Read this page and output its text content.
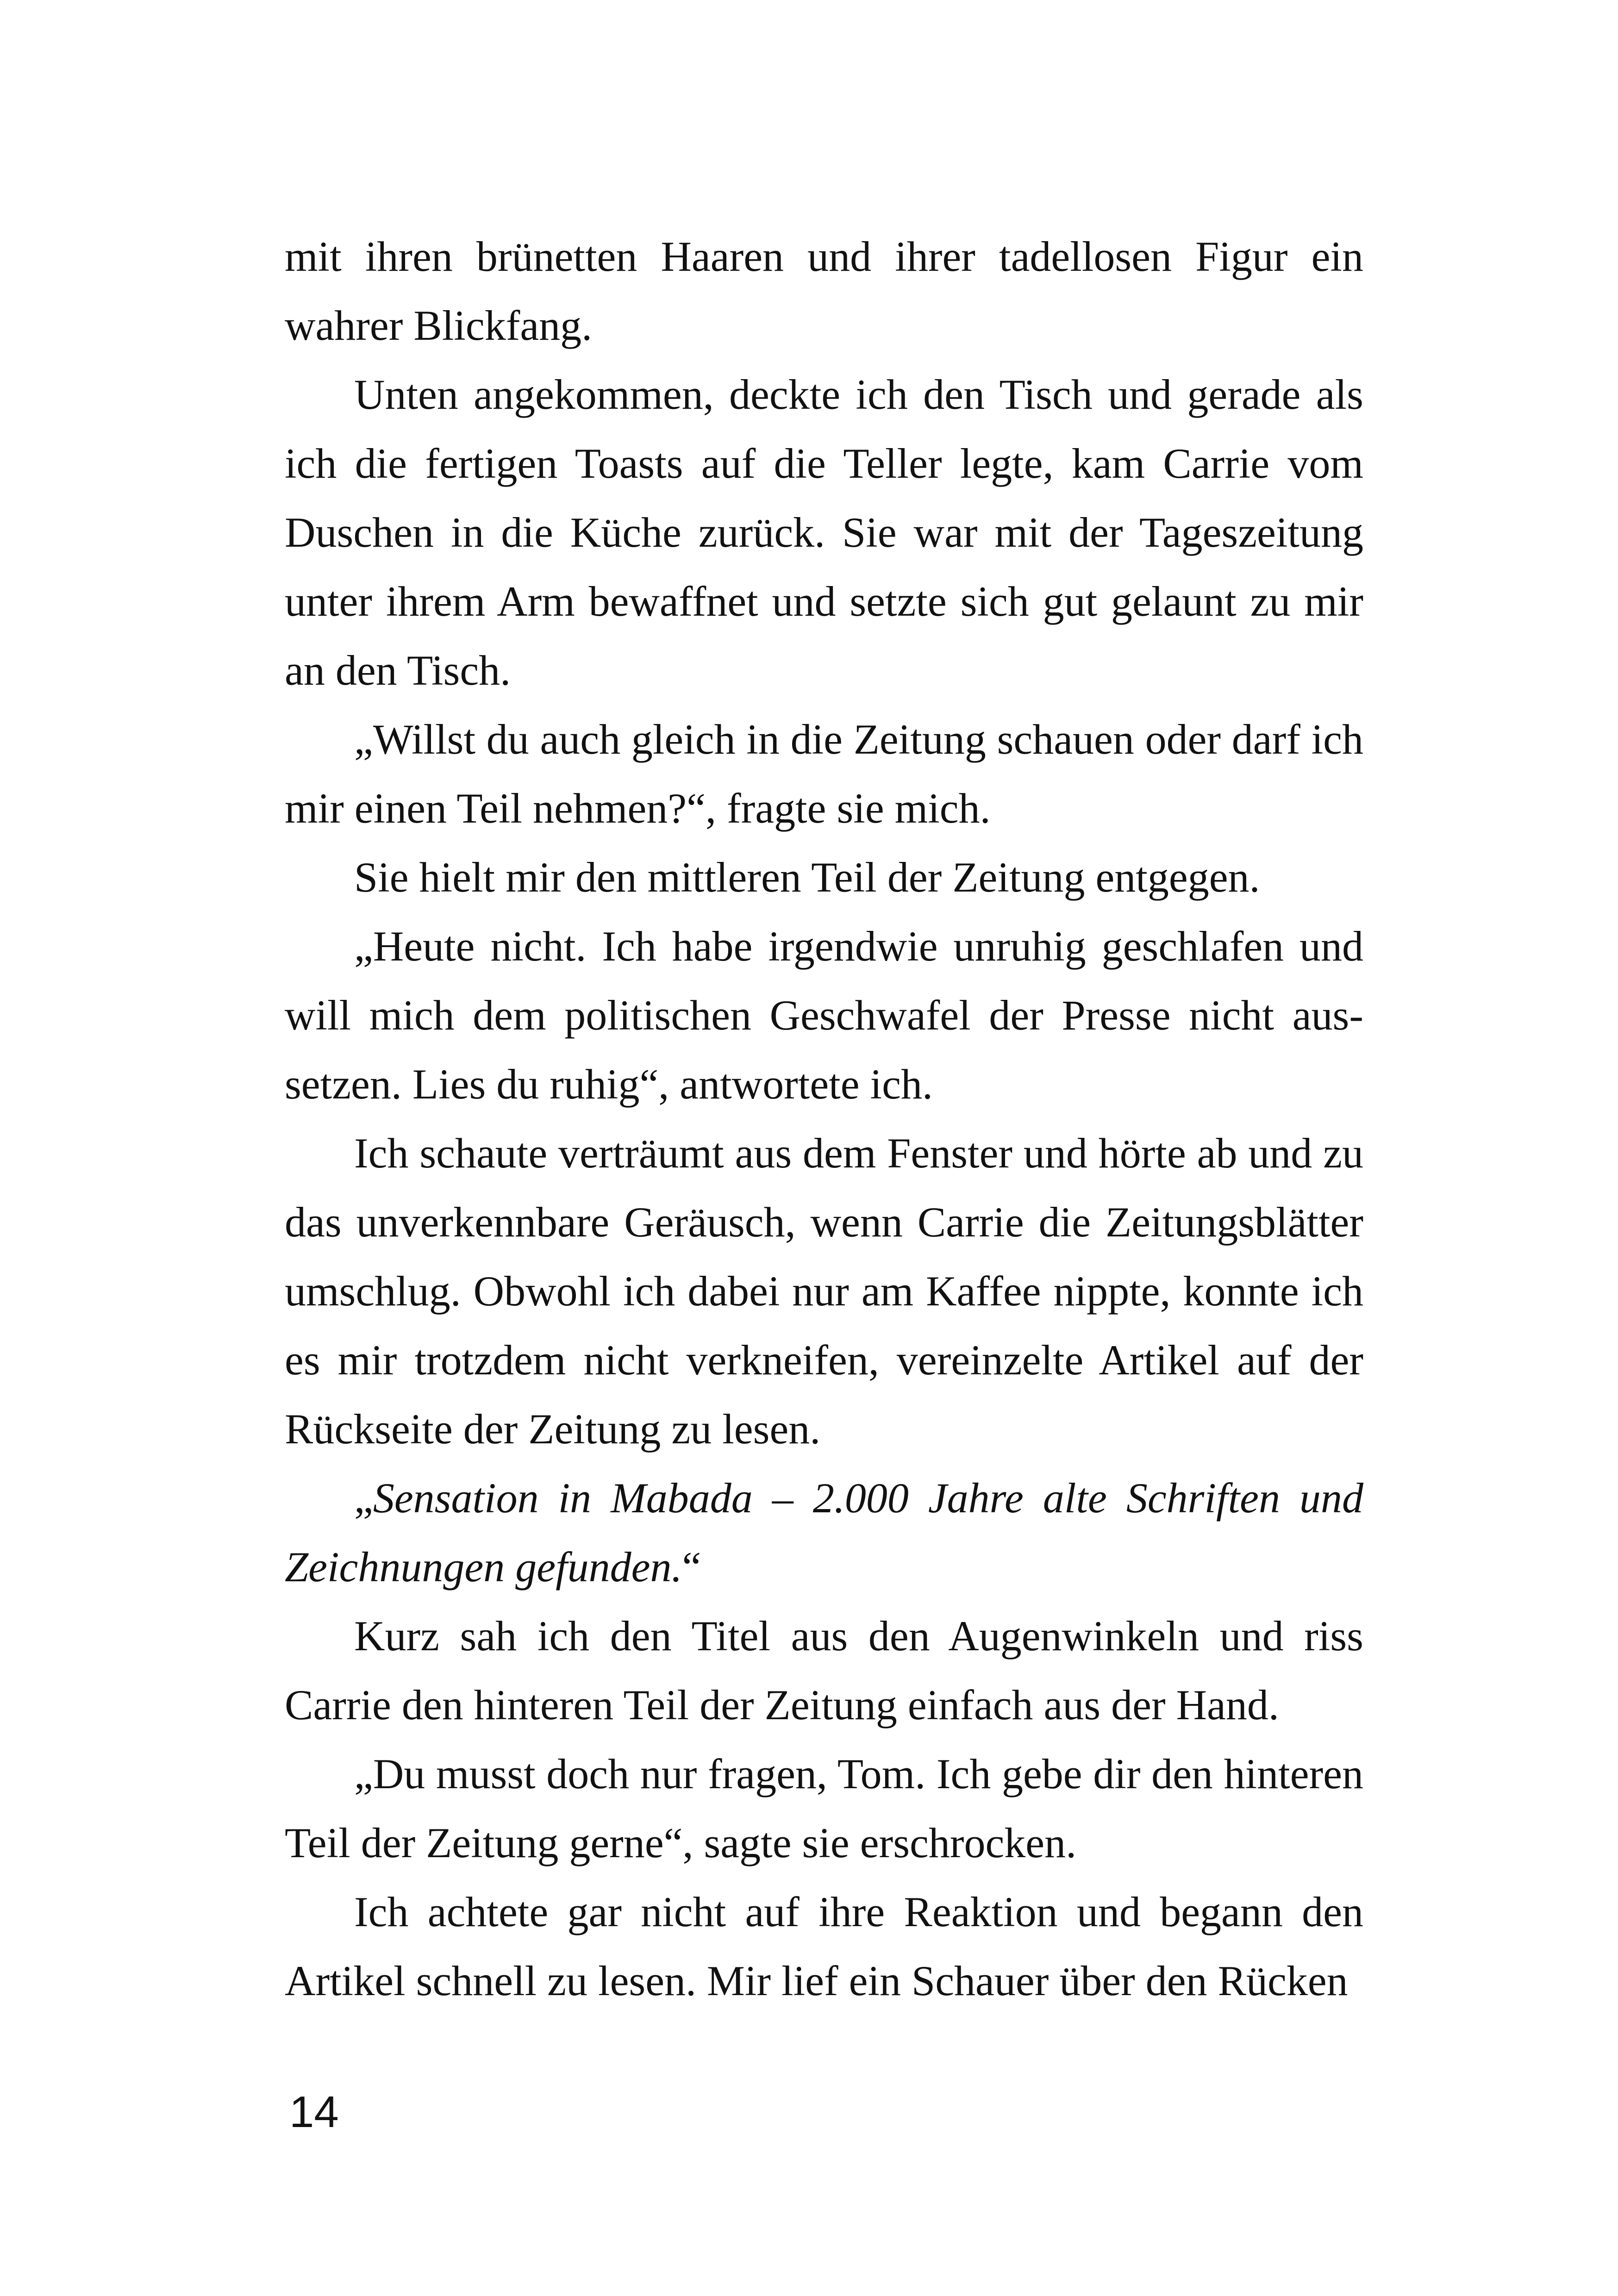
mit ihren brünetten Haaren und ihrer tadellosen Figur ein wahrer Blickfang.

Unten angekommen, deckte ich den Tisch und gerade als ich die fertigen Toasts auf die Teller legte, kam Carrie vom Duschen in die Küche zurück. Sie war mit der Tageszeitung unter ihrem Arm bewaffnet und setzte sich gut gelaunt zu mir an den Tisch.

„Willst du auch gleich in die Zeitung schauen oder darf ich mir einen Teil nehmen?“, fragte sie mich.

Sie hielt mir den mittleren Teil der Zeitung entgegen.

„Heute nicht. Ich habe irgendwie unruhig geschlafen und will mich dem politischen Geschwafel der Presse nicht aussetzen. Lies du ruhig“, antwortete ich.

Ich schaute verträumt aus dem Fenster und hörte ab und zu das unverkennbare Geräusch, wenn Carrie die Zeitungsblätter umschlug. Obwohl ich dabei nur am Kaffee nippte, konnte ich es mir trotzdem nicht verkneifen, vereinzelte Artikel auf der Rückseite der Zeitung zu lesen.

„Sensation in Mabada – 2.000 Jahre alte Schriften und Zeichnungen gefunden.“

Kurz sah ich den Titel aus den Augenwinkeln und riss Carrie den hinteren Teil der Zeitung einfach aus der Hand.

„Du musst doch nur fragen, Tom. Ich gebe dir den hinteren Teil der Zeitung gerne“, sagte sie erschrocken.

Ich achtete gar nicht auf ihre Reaktion und begann den Artikel schnell zu lesen. Mir lief ein Schauer über den Rücken

14
